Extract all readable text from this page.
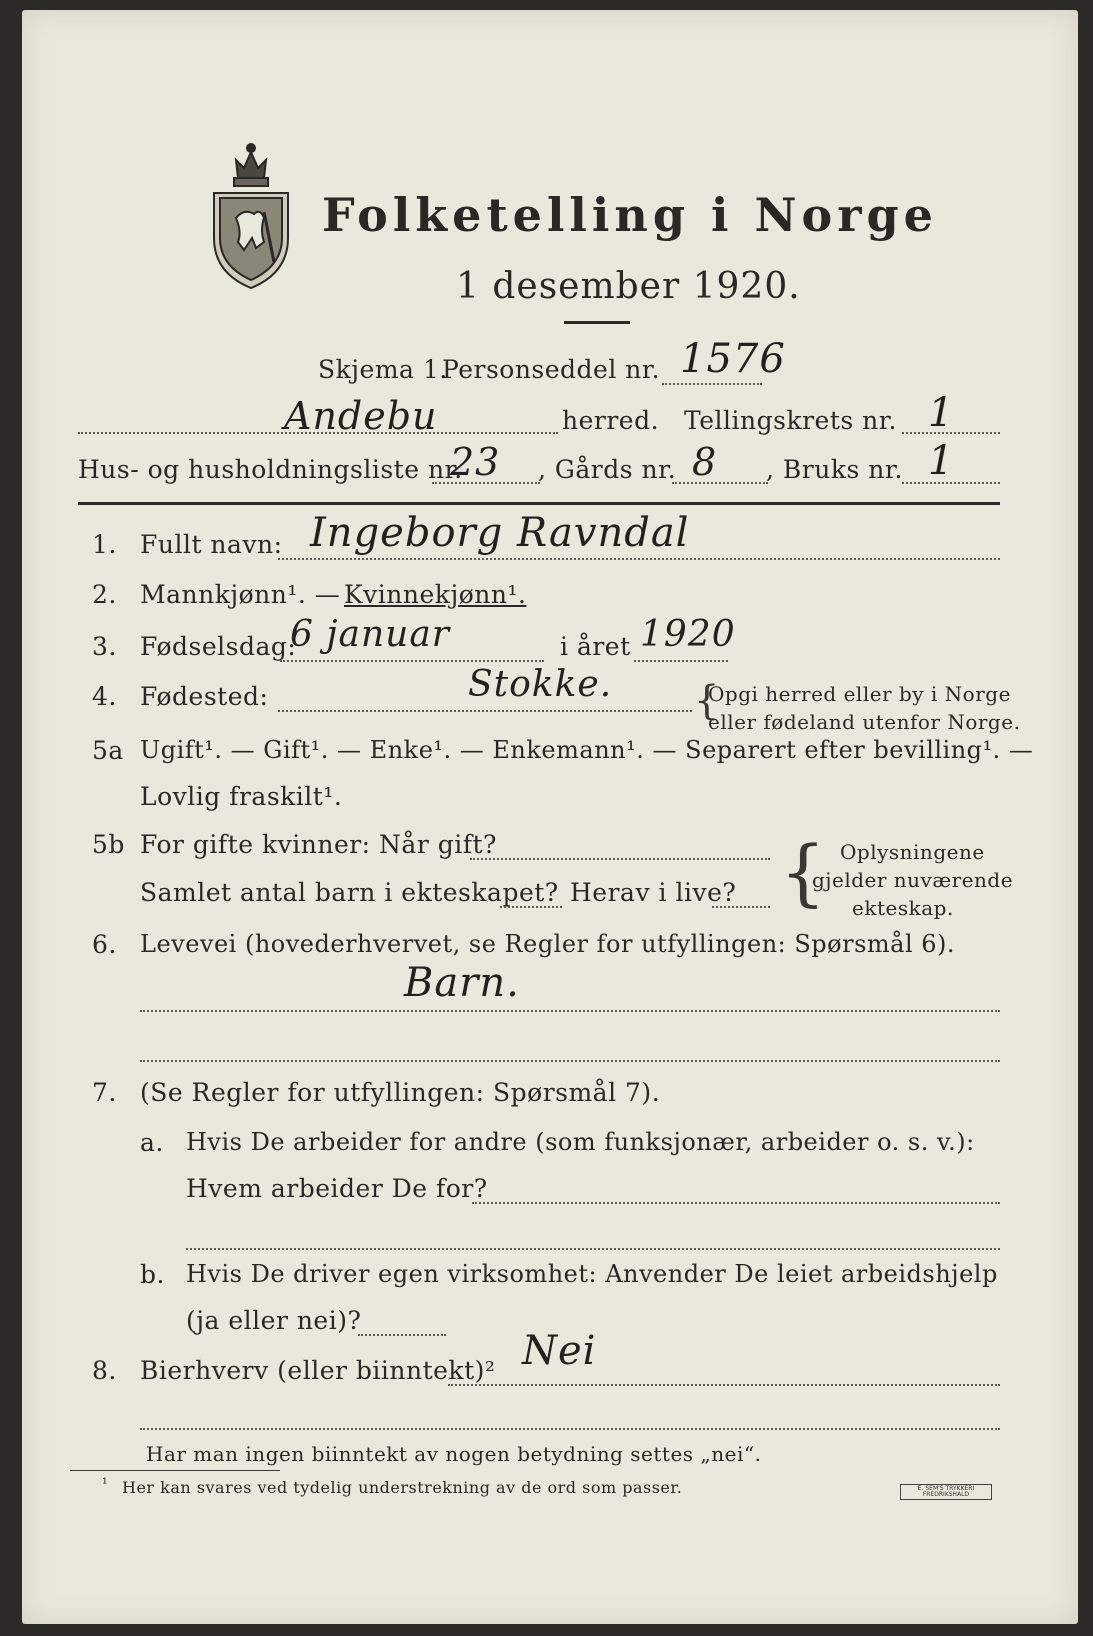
Folketelling i Norge
1 desember 1920.
Skjema 1.
Personseddel nr. 1576
Andebu	herred. Tellingskrets nr. 1
Hus- og husholdningsliste nr.
23 , Gårds nr. 8 , Bruks nr. 1
1. Fullt navn: Ingeborg Ravndal
2. Mannkjønn¹. — Kvinnekjønn¹.
3. Fødselsdag:
6 januar	i året 1920
4. Fødested:	Stokke. {
Opgi herred eller by i Norge
eller fødeland utenfor Norge.
5a Ugift¹. — Gift¹. — Enke¹. — Enkemann¹. — Separert efter bevilling¹. —
Lovlig fraskilt¹.
5b For gifte kvinner: Når gift?
Samlet antal barn i ekteskapet? Herav i live? { Oplysningene
gjelder nuværende
ekteskap.
6. Levevei (hovederhvervet, se Regler for utfyllingen: Spørsmål 6).
Barn.
7. (Se Regler for utfyllingen: Spørsmål 7).
a. Hvis De arbeider for andre (som funksjonær, arbeider o. s. v.):
Hvem arbeider De for?
b. Hvis De driver egen virksomhet: Anvender De leiet arbeidshjelp
(ja eller nei)?
8. Bierhverv (eller biinntekt)² Nei
Har man ingen biinntekt av nogen betydning settes „nei“.
¹ Her kan svares ved tydelig understrekning av de ord som passer.	E. SEM'S TRYKKERI
FREDRIKSHALD
